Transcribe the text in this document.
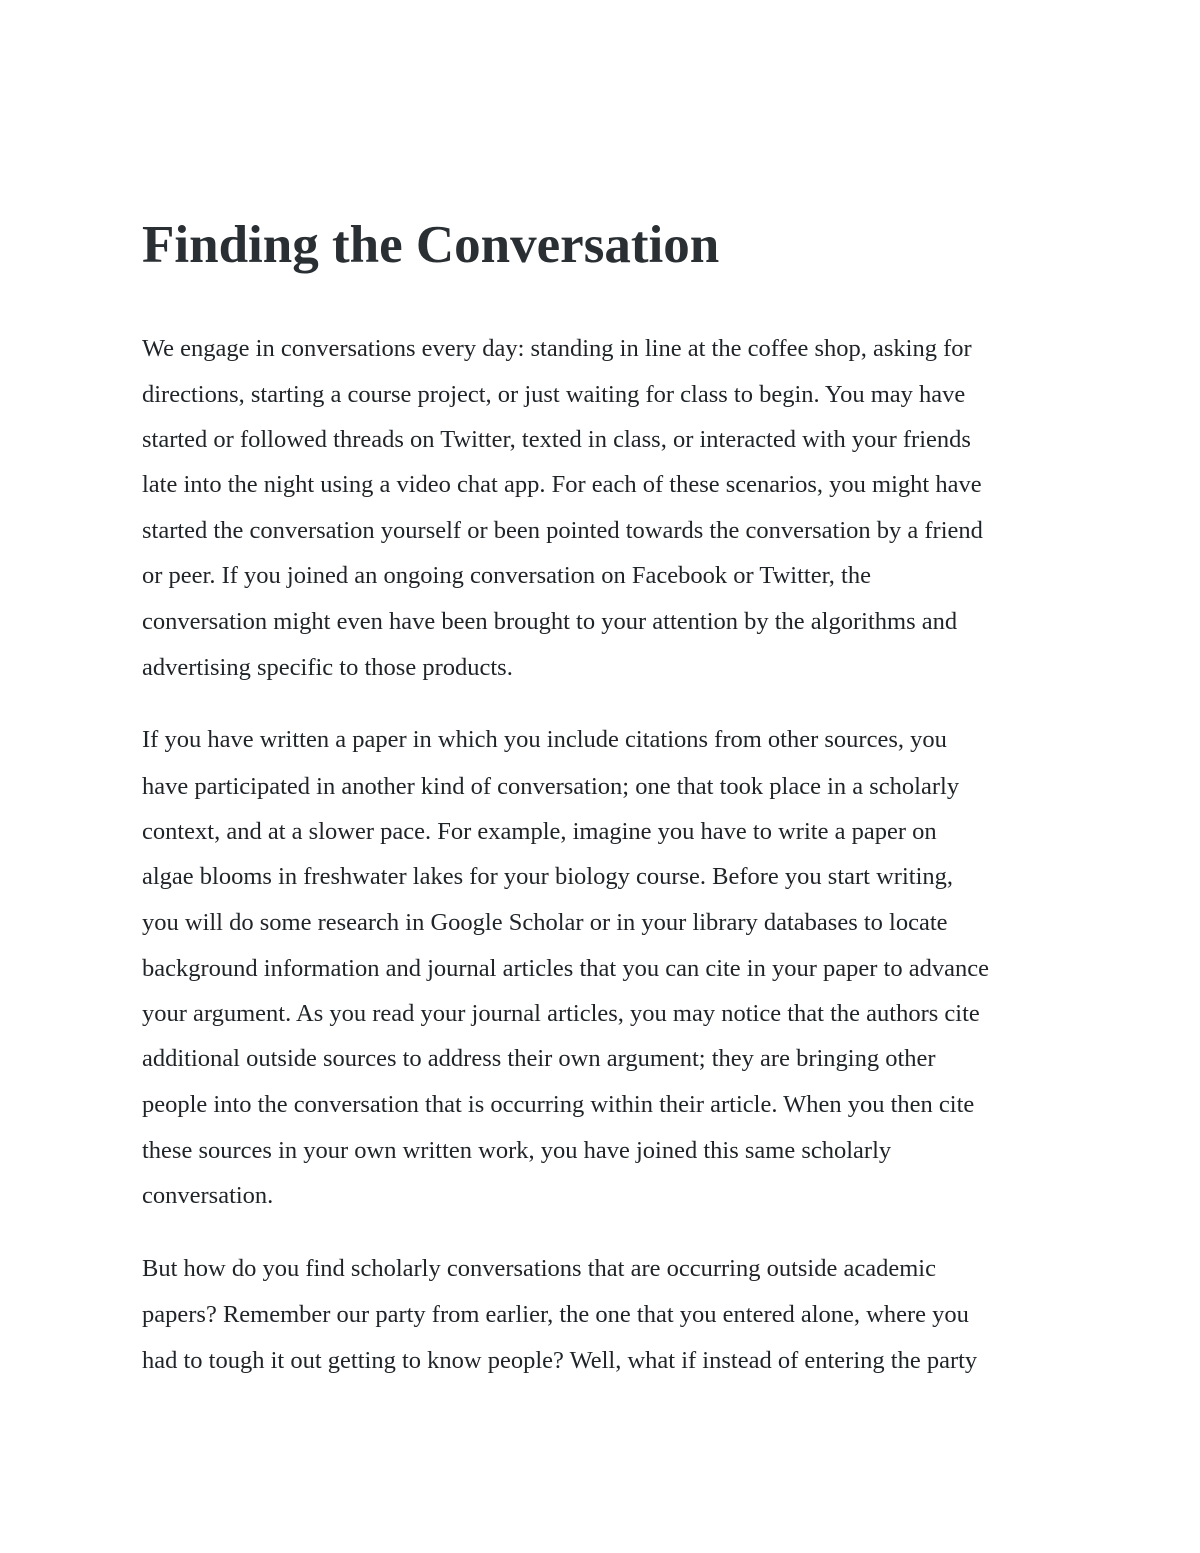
Finding the Conversation

We engage in conversations every day: standing in line at the coffee shop, asking for

directions, starting a course project, or just waiting for class to begin. You may have

started or followed threads on Twitter, texted in class, or interacted with your friends

late into the night using a video chat app. For each of these scenarios, you might have

started the conversation yourself or been pointed towards the conversation by a friend

or peer. If you joined an ongoing conversation on Facebook or Twitter, the

conversation might even have been brought to your attention by the algorithms and

advertising specific to those products.

If you have written a paper in which you include citations from other sources, you

have participated in another kind of conversation; one that took place in a scholarly

context, and at a slower pace. For example, imagine you have to write a paper on

algae blooms in freshwater lakes for your biology course. Before you start writing,

you will do some research in Google Scholar or in your library databases to locate

background information and journal articles that you can cite in your paper to advance

your argument. As you read your journal articles, you may notice that the authors cite

additional outside sources to address their own argument; they are bringing other

people into the conversation that is occurring within their article. When you then cite

these sources in your own written work, you have joined this same scholarly

conversation.

But how do you find scholarly conversations that are occurring outside academic

papers? Remember our party from earlier, the one that you entered alone, where you

had to tough it out getting to know people? Well, what if instead of entering the party
